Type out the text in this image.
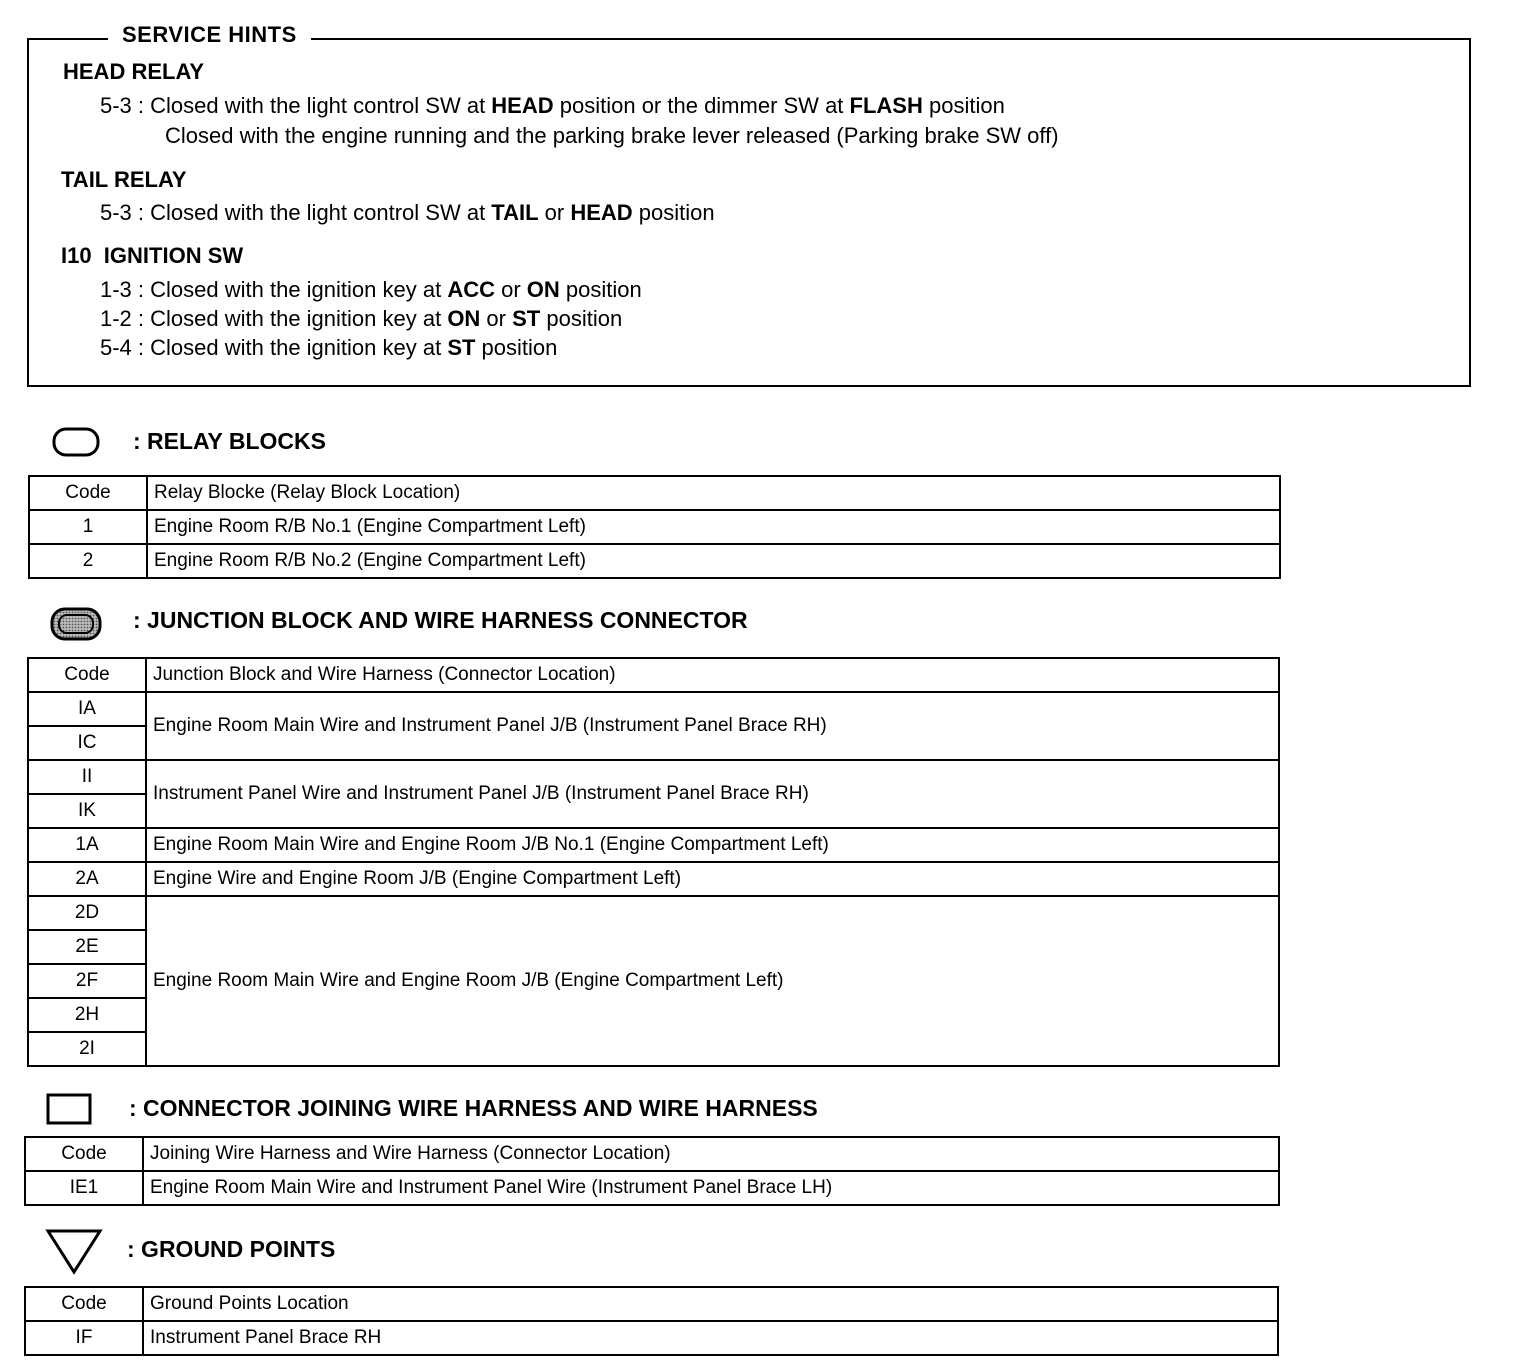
SERVICE HINTS
HEAD RELAY
5-3 : Closed with the light control SW at HEAD position or the dimmer SW at FLASH position
Closed with the engine running and the parking brake lever released (Parking brake SW off)
TAIL RELAY
5-3 : Closed with the light control SW at TAIL or HEAD position
I10  IGNITION SW
1-3 : Closed with the ignition key at ACC or ON position
1-2 : Closed with the ignition key at ON or ST position
5-4 : Closed with the ignition key at ST position
: RELAY BLOCKS
Code	Relay Blocke (Relay Block Location)
1	Engine Room R/B No.1 (Engine Compartment Left)
2	Engine Room R/B No.2 (Engine Compartment Left)
: JUNCTION BLOCK AND WIRE HARNESS CONNECTOR
Code	Junction Block and Wire Harness (Connector Location)
IA	Engine Room Main Wire and Instrument Panel J/B (Instrument Panel Brace RH)
IC	
II	Instrument Panel Wire and Instrument Panel J/B (Instrument Panel Brace RH)
IK	
1A	Engine Room Main Wire and Engine Room J/B No.1 (Engine Compartment Left)
2A	Engine Wire and Engine Room J/B (Engine Compartment Left)
2D	Engine Room Main Wire and Engine Room J/B (Engine Compartment Left)
2E	
2F	
2H	
2I	
: CONNECTOR JOINING WIRE HARNESS AND WIRE HARNESS
Code	Joining Wire Harness and Wire Harness (Connector Location)
IE1	Engine Room Main Wire and Instrument Panel Wire (Instrument Panel Brace LH)
: GROUND POINTS
Code	Ground Points Location
IF	Instrument Panel Brace RH
